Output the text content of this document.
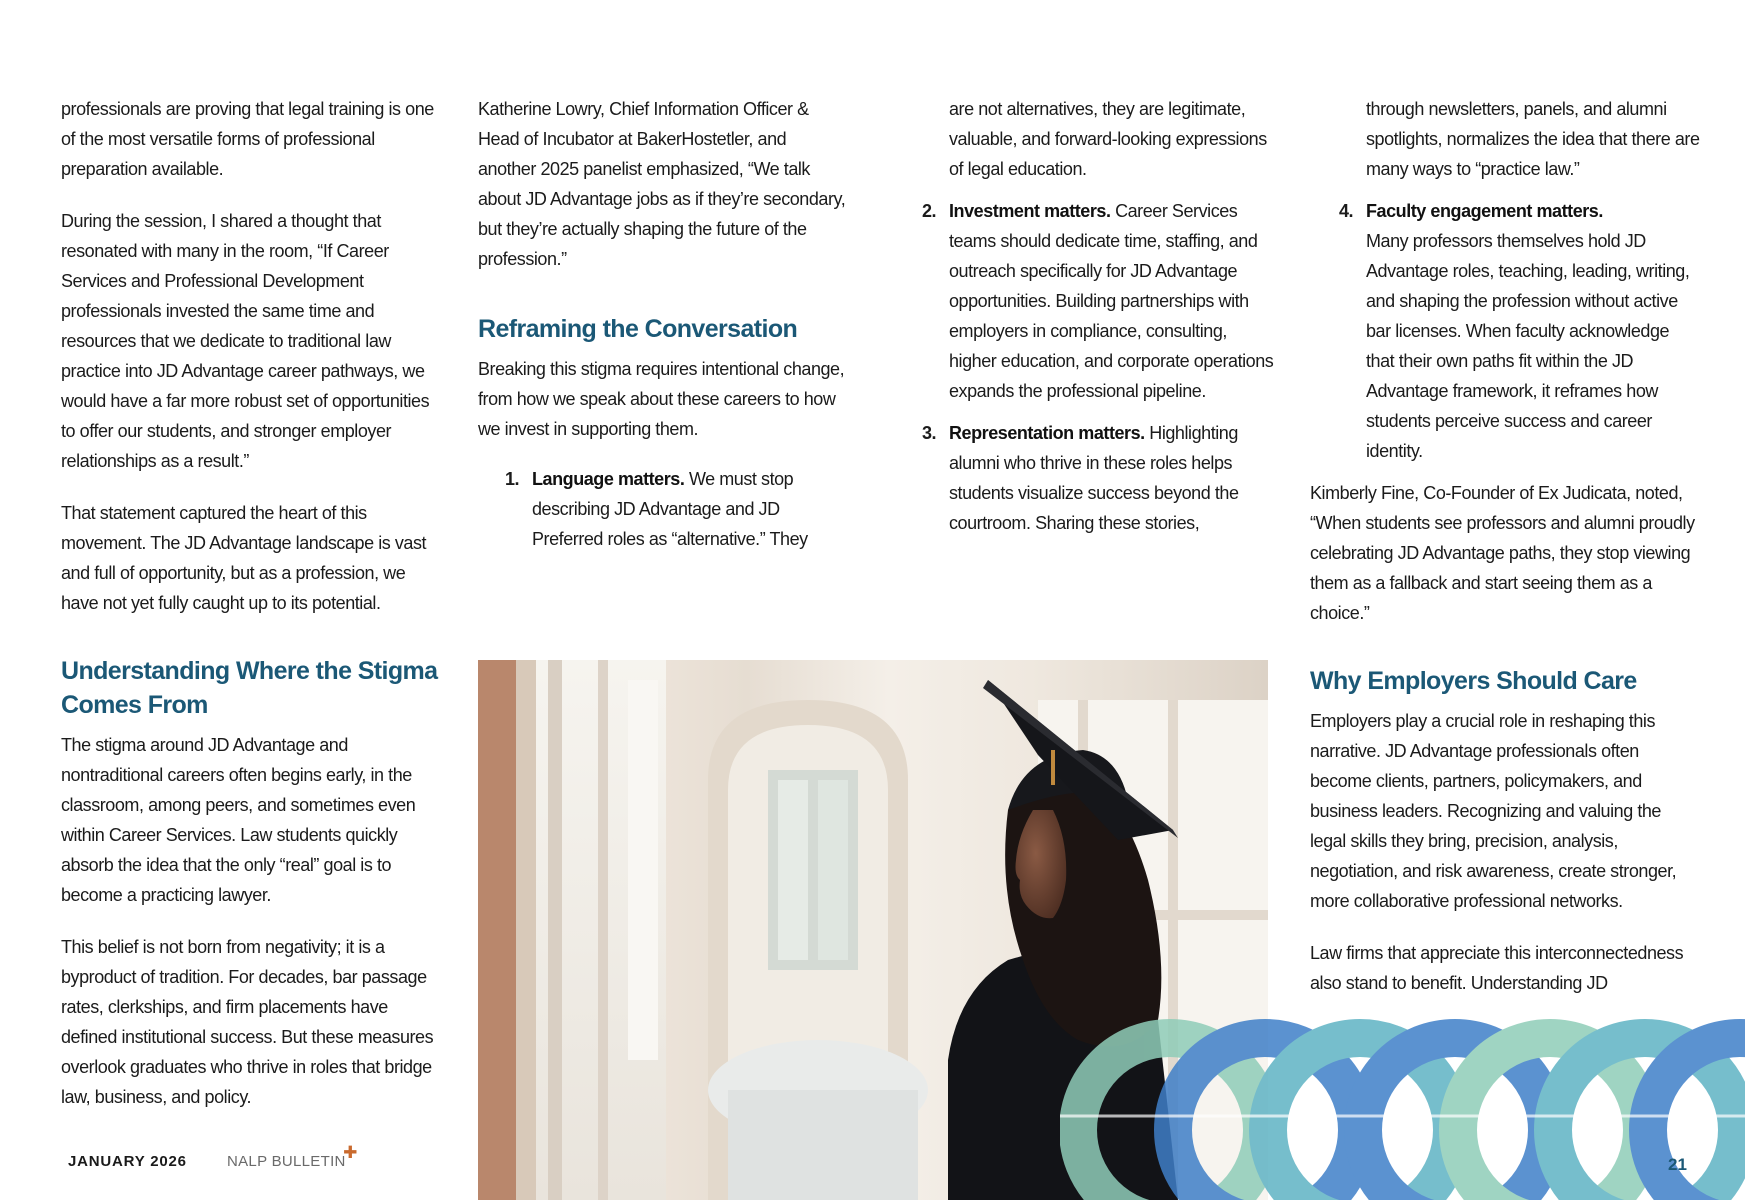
professionals are proving that legal training is one of the most versatile forms of professional preparation available.

During the session, I shared a thought that resonated with many in the room, “If Career Services and Professional Development professionals invested the same time and resources that we dedicate to traditional law practice into JD Advantage career pathways, we would have a far more robust set of opportunities to offer our students, and stronger employer relationships as a result.”

That statement captured the heart of this movement. The JD Advantage landscape is vast and full of opportunity, but as a profession, we have not yet fully caught up to its potential.

Understanding Where the Stigma Comes From

The stigma around JD Advantage and nontraditional careers often begins early, in the classroom, among peers, and sometimes even within Career Services. Law students quickly absorb the idea that the only “real” goal is to become a practicing lawyer.

This belief is not born from negativity; it is a byproduct of tradition. For decades, bar passage rates, clerkships, and firm placements have defined institutional success. But these measures overlook graduates who thrive in roles that bridge law, business, and policy.

Katherine Lowry, Chief Information Officer & Head of Incubator at BakerHostetler, and another 2025 panelist emphasized, “We talk about JD Advantage jobs as if they’re secondary, but they’re actually shaping the future of the profession.”

Reframing the Conversation

Breaking this stigma requires intentional change, from how we speak about these careers to how we invest in supporting them.

1. Language matters. We must stop describing JD Advantage and JD Preferred roles as “alternative.” They

are not alternatives, they are legitimate, valuable, and forward-looking expressions of legal education.

2. Investment matters. Career Services teams should dedicate time, staffing, and outreach specifically for JD Advantage opportunities. Building partnerships with employers in compliance, consulting, higher education, and corporate operations expands the professional pipeline.
3. Representation matters. Highlighting alumni who thrive in these roles helps students visualize success beyond the courtroom. Sharing these stories,

through newsletters, panels, and alumni spotlights, normalizes the idea that there are many ways to “practice law.”

4. Faculty engagement matters.
Many professors themselves hold JD Advantage roles, teaching, leading, writing, and shaping the profession without active bar licenses. When faculty acknowledge that their own paths fit within the JD Advantage framework, it reframes how students perceive success and career identity.

Kimberly Fine, Co-Founder of Ex Judicata, noted, “When students see professors and alumni proudly celebrating JD Advantage paths, they stop viewing them as a fallback and start seeing them as a choice.”

Why Employers Should Care

Employers play a crucial role in reshaping this narrative. JD Advantage professionals often become clients, partners, policymakers, and business leaders. Recognizing and valuing the legal skills they bring, precision, analysis, negotiation, and risk awareness, create stronger, more collaborative professional networks.

Law firms that appreciate this interconnectedness also stand to benefit. Understanding JD

JANUARY 2026	NALP BULLETIN
✚
21
